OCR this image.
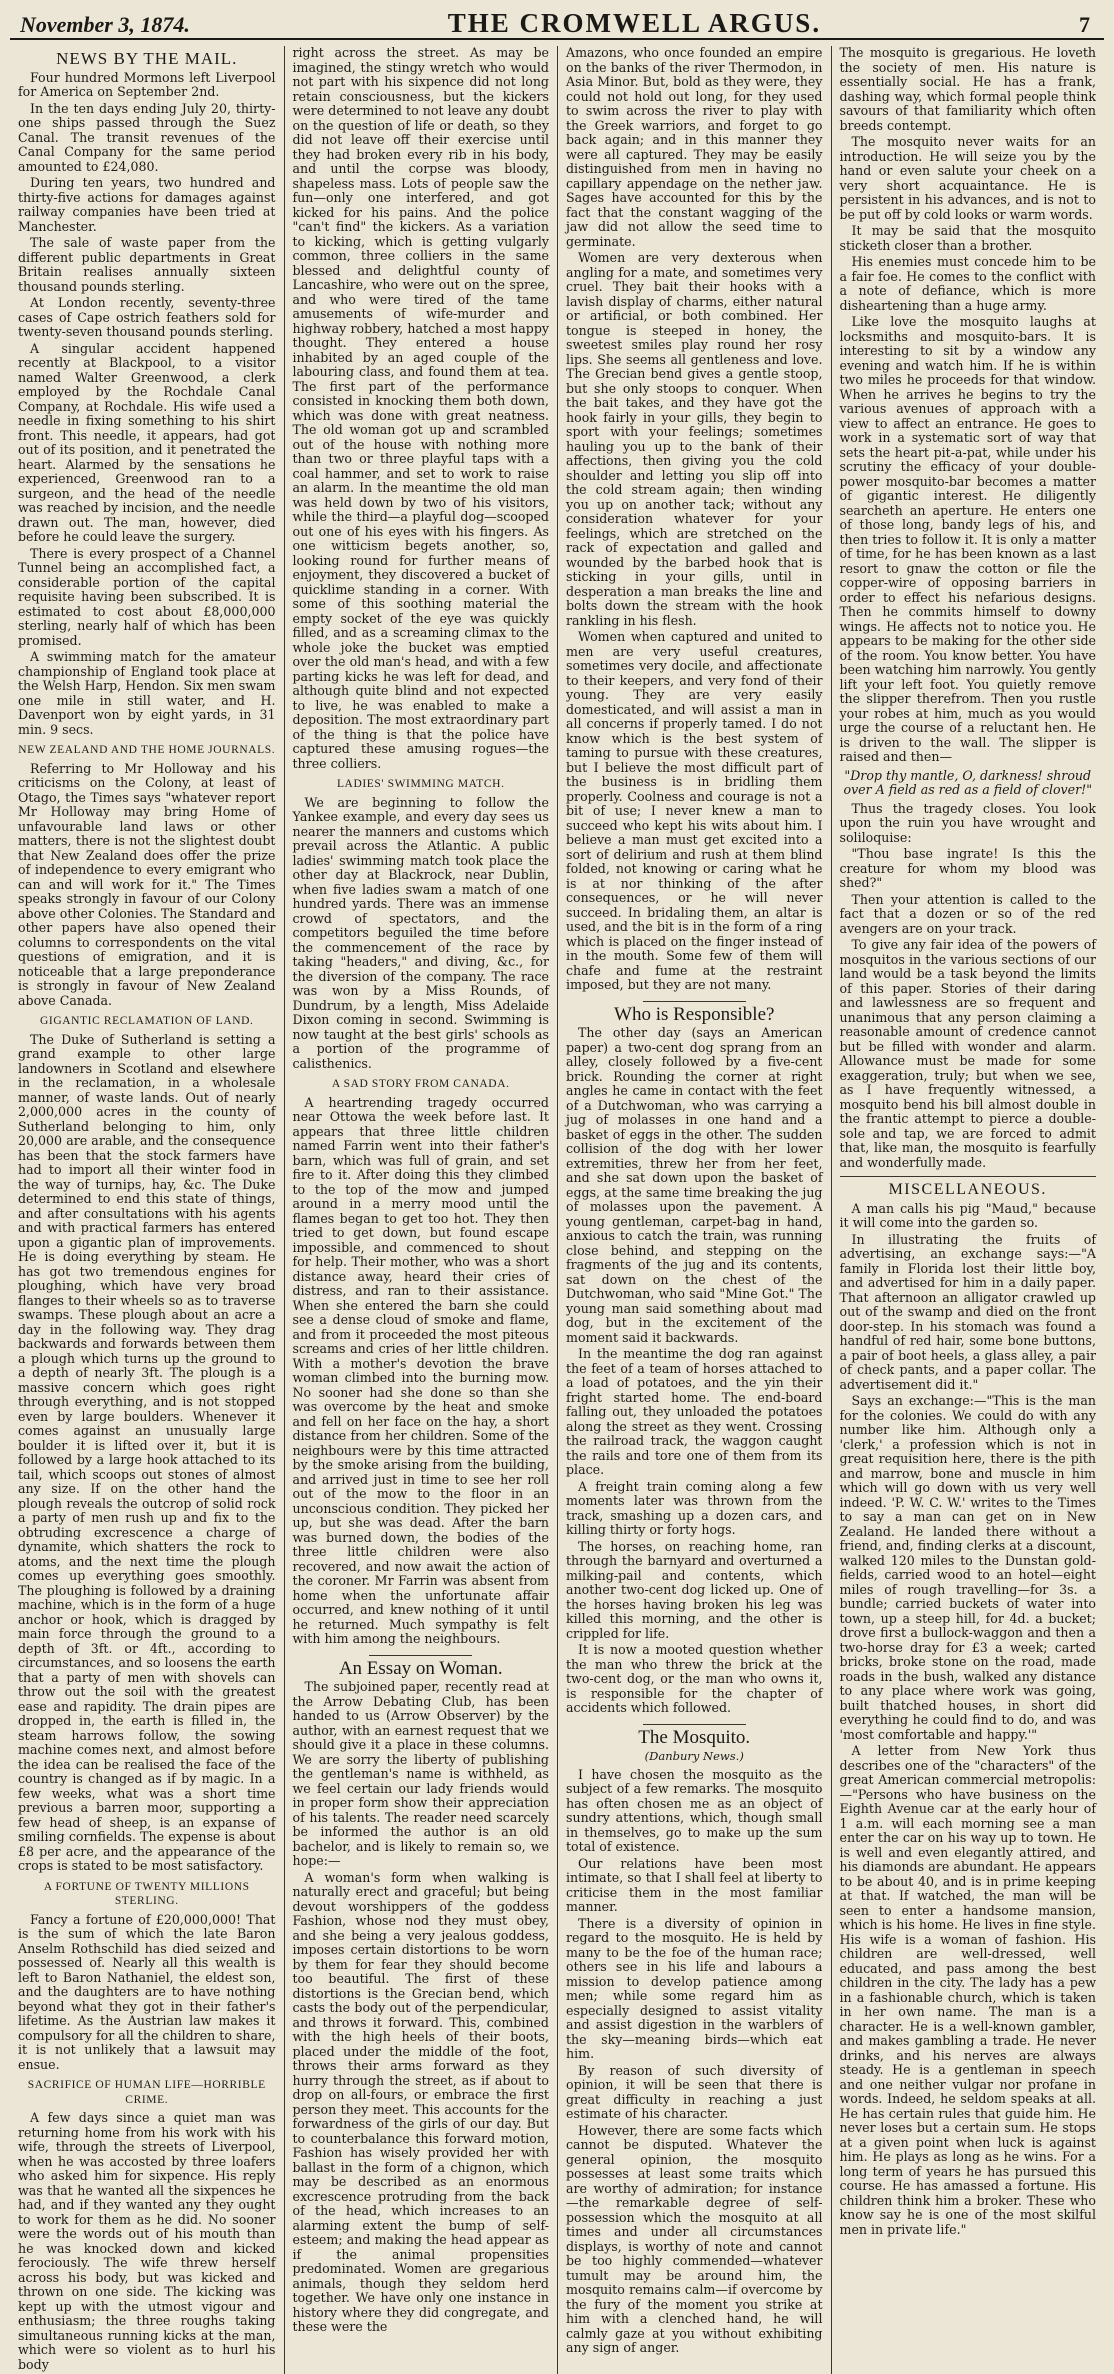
November 3, 1874.	THE CROMWELL ARGUS.	7
NEWS BY THE MAIL.

Four hundred Mormons left Liverpool for America on September 2nd.

In the ten days ending July 20, thirty-one ships passed through the Suez Canal. The transit revenues of the Canal Company for the same period amounted to £24,080.

During ten years, two hundred and thirty-five actions for damages against railway companies have been tried at Manchester.

The sale of waste paper from the different public departments in Great Britain realises annually sixteen thousand pounds sterling.

At London recently, seventy-three cases of Cape ostrich feathers sold for twenty-seven thousand pounds sterling.

A singular accident happened recently at Blackpool, to a visitor named Walter Greenwood, a clerk employed by the Rochdale Canal Company, at Rochdale. His wife used a needle in fixing something to his shirt front. This needle, it appears, had got out of its position, and it penetrated the heart. Alarmed by the sensations he experienced, Greenwood ran to a surgeon, and the head of the needle was reached by incision, and the needle drawn out. The man, however, died before he could leave the surgery.

There is every prospect of a Channel Tunnel being an accomplished fact, a considerable portion of the capital requisite having been subscribed. It is estimated to cost about £8,000,000 sterling, nearly half of which has been promised.

A swimming match for the amateur championship of England took place at the Welsh Harp, Hendon. Six men swam one mile in still water, and H. Davenport won by eight yards, in 31 min. 9 secs.

NEW ZEALAND AND THE HOME JOURNALS.

Referring to Mr Holloway and his criticisms on the Colony, at least of Otago, the Times says "whatever report Mr Holloway may bring Home of unfavourable land laws or other matters, there is not the slightest doubt that New Zealand does offer the prize of independence to every emigrant who can and will work for it." The Times speaks strongly in favour of our Colony above other Colonies. The Standard and other papers have also opened their columns to correspondents on the vital questions of emigration, and it is noticeable that a large preponderance is strongly in favour of New Zealand above Canada.

GIGANTIC RECLAMATION OF LAND.

The Duke of Sutherland is setting a grand example to other large landowners in Scotland and elsewhere in the reclamation, in a wholesale manner, of waste lands. Out of nearly 2,000,000 acres in the county of Sutherland belonging to him, only 20,000 are arable, and the consequence has been that the stock farmers have had to import all their winter food in the way of turnips, hay, &c. The Duke determined to end this state of things, and after consultations with his agents and with practical farmers has entered upon a gigantic plan of improvements. He is doing everything by steam. He has got two tremendous engines for ploughing, which have very broad flanges to their wheels so as to traverse swamps. These plough about an acre a day in the following way. They drag backwards and forwards between them a plough which turns up the ground to a depth of nearly 3ft. The plough is a massive concern which goes right through everything, and is not stopped even by large boulders. Whenever it comes against an unusually large boulder it is lifted over it, but it is followed by a large hook attached to its tail, which scoops out stones of almost any size. If on the other hand the plough reveals the outcrop of solid rock a party of men rush up and fix to the obtruding excrescence a charge of dynamite, which shatters the rock to atoms, and the next time the plough comes up everything goes smoothly. The ploughing is followed by a draining machine, which is in the form of a huge anchor or hook, which is dragged by main force through the ground to a depth of 3ft. or 4ft., according to circumstances, and so loosens the earth that a party of men with shovels can throw out the soil with the greatest ease and rapidity. The drain pipes are dropped in, the earth is filled in, the steam harrows follow, the sowing machine comes next, and almost before the idea can be realised the face of the country is changed as if by magic. In a few weeks, what was a short time previous a barren moor, supporting a few head of sheep, is an expanse of smiling cornfields. The expense is about £8 per acre, and the appearance of the crops is stated to be most satisfactory.

A FORTUNE OF TWENTY MILLIONS STERLING.

Fancy a fortune of £20,000,000! That is the sum of which the late Baron Anselm Rothschild has died seized and possessed of. Nearly all this wealth is left to Baron Nathaniel, the eldest son, and the daughters are to have nothing beyond what they got in their father's lifetime. As the Austrian law makes it compulsory for all the children to share, it is not unlikely that a lawsuit may ensue.

SACRIFICE OF HUMAN LIFE—HORRIBLE CRIME.

A few days since a quiet man was returning home from his work with his wife, through the streets of Liverpool, when he was accosted by three loafers who asked him for sixpence. His reply was that he wanted all the sixpences he had, and if they wanted any they ought to work for them as he did. No sooner were the words out of his mouth than he was knocked down and kicked ferociously. The wife threw herself across his body, but was kicked and thrown on one side. The kicking was kept up with the utmost vigour and enthusiasm; the three roughs taking simultaneous running kicks at the man, which were so violent as to hurl his body

right across the street. As may be imagined, the stingy wretch who would not part with his sixpence did not long retain consciousness, but the kickers were determined to not leave any doubt on the question of life or death, so they did not leave off their exercise until they had broken every rib in his body, and until the corpse was bloody, shapeless mass. Lots of people saw the fun—only one interfered, and got kicked for his pains. And the police "can't find" the kickers. As a variation to kicking, which is getting vulgarly common, three colliers in the same blessed and delightful county of Lancashire, who were out on the spree, and who were tired of the tame amusements of wife-murder and highway robbery, hatched a most happy thought. They entered a house inhabited by an aged couple of the labouring class, and found them at tea. The first part of the performance consisted in knocking them both down, which was done with great neatness. The old woman got up and scrambled out of the house with nothing more than two or three playful taps with a coal hammer, and set to work to raise an alarm. In the meantime the old man was held down by two of his visitors, while the third—a playful dog—scooped out one of his eyes with his fingers. As one witticism begets another, so, looking round for further means of enjoyment, they discovered a bucket of quicklime standing in a corner. With some of this soothing material the empty socket of the eye was quickly filled, and as a screaming climax to the whole joke the bucket was emptied over the old man's head, and with a few parting kicks he was left for dead, and although quite blind and not expected to live, he was enabled to make a deposition. The most extraordinary part of the thing is that the police have captured these amusing rogues—the three colliers.

LADIES' SWIMMING MATCH.

We are beginning to follow the Yankee example, and every day sees us nearer the manners and customs which prevail across the Atlantic. A public ladies' swimming match took place the other day at Blackrock, near Dublin, when five ladies swam a match of one hundred yards. There was an immense crowd of spectators, and the competitors beguiled the time before the commencement of the race by taking "headers," and diving, &c., for the diversion of the company. The race was won by a Miss Rounds, of Dundrum, by a length, Miss Adelaide Dixon coming in second. Swimming is now taught at the best girls' schools as a portion of the programme of calisthenics.

A SAD STORY FROM CANADA.

A heartrending tragedy occurred near Ottowa the week before last. It appears that three little children named Farrin went into their father's barn, which was full of grain, and set fire to it. After doing this they climbed to the top of the mow and jumped around in a merry mood until the flames began to get too hot. They then tried to get down, but found escape impossible, and commenced to shout for help. Their mother, who was a short distance away, heard their cries of distress, and ran to their assistance. When she entered the barn she could see a dense cloud of smoke and flame, and from it proceeded the most piteous screams and cries of her little children. With a mother's devotion the brave woman climbed into the burning mow. No sooner had she done so than she was overcome by the heat and smoke and fell on her face on the hay, a short distance from her children. Some of the neighbours were by this time attracted by the smoke arising from the building, and arrived just in time to see her roll out of the mow to the floor in an unconscious condition. They picked her up, but she was dead. After the barn was burned down, the bodies of the three little children were also recovered, and now await the action of the coroner. Mr Farrin was absent from home when the unfortunate affair occurred, and knew nothing of it until he returned. Much sympathy is felt with him among the neighbours.

An Essay on Woman.

The subjoined paper, recently read at the Arrow Debating Club, has been handed to us (Arrow Observer) by the author, with an earnest request that we should give it a place in these columns. We are sorry the liberty of publishing the gentleman's name is withheld, as we feel certain our lady friends would in proper form show their appreciation of his talents. The reader need scarcely be informed the author is an old bachelor, and is likely to remain so, we hope:—

A woman's form when walking is naturally erect and graceful; but being devout worshippers of the goddess Fashion, whose nod they must obey, and she being a very jealous goddess, imposes certain distortions to be worn by them for fear they should become too beautiful. The first of these distortions is the Grecian bend, which casts the body out of the perpendicular, and throws it forward. This, combined with the high heels of their boots, placed under the middle of the foot, throws their arms forward as they hurry through the street, as if about to drop on all-fours, or embrace the first person they meet. This accounts for the forwardness of the girls of our day. But to counterbalance this forward motion, Fashion has wisely provided her with ballast in the form of a chignon, which may be described as an enormous excrescence protruding from the back of the head, which increases to an alarming extent the bump of self-esteem; and making the head appear as if the animal propensities predominated. Women are gregarious animals, though they seldom herd together. We have only one instance in history where they did congregate, and these were the

Amazons, who once founded an empire on the banks of the river Thermodon, in Asia Minor. But, bold as they were, they could not hold out long, for they used to swim across the river to play with the Greek warriors, and forget to go back again; and in this manner they were all captured. They may be easily distinguished from men in having no capillary appendage on the nether jaw. Sages have accounted for this by the fact that the constant wagging of the jaw did not allow the seed time to germinate.

Women are very dexterous when angling for a mate, and sometimes very cruel. They bait their hooks with a lavish display of charms, either natural or artificial, or both combined. Her tongue is steeped in honey, the sweetest smiles play round her rosy lips. She seems all gentleness and love. The Grecian bend gives a gentle stoop, but she only stoops to conquer. When the bait takes, and they have got the hook fairly in your gills, they begin to sport with your feelings; sometimes hauling you up to the bank of their affections, then giving you the cold shoulder and letting you slip off into the cold stream again; then winding you up on another tack; without any consideration whatever for your feelings, which are stretched on the rack of expectation and galled and wounded by the barbed hook that is sticking in your gills, until in desperation a man breaks the line and bolts down the stream with the hook rankling in his flesh.

Women when captured and united to men are very useful creatures, sometimes very docile, and affectionate to their keepers, and very fond of their young. They are very easily domesticated, and will assist a man in all concerns if properly tamed. I do not know which is the best system of taming to pursue with these creatures, but I believe the most difficult part of the business is in bridling them properly. Coolness and courage is not a bit of use; I never knew a man to succeed who kept his wits about him. I believe a man must get excited into a sort of delirium and rush at them blind folded, not knowing or caring what he is at nor thinking of the after consequences, or he will never succeed. In bridaling them, an altar is used, and the bit is in the form of a ring which is placed on the finger instead of in the mouth. Some few of them will chafe and fume at the restraint imposed, but they are not many.

Who is Responsible?

The other day (says an American paper) a two-cent dog sprang from an alley, closely followed by a five-cent brick. Rounding the corner at right angles he came in contact with the feet of a Dutchwoman, who was carrying a jug of molasses in one hand and a basket of eggs in the other. The sudden collision of the dog with her lower extremities, threw her from her feet, and she sat down upon the basket of eggs, at the same time breaking the jug of molasses upon the pavement. A young gentleman, carpet-bag in hand, anxious to catch the train, was running close behind, and stepping on the fragments of the jug and its contents, sat down on the chest of the Dutchwoman, who said "Mine Got." The young man said something about mad dog, but in the excitement of the moment said it backwards.

In the meantime the dog ran against the feet of a team of horses attached to a load of potatoes, and the yin their fright started home. The end-board falling out, they unloaded the potatoes along the street as they went. Crossing the railroad track, the waggon caught the rails and tore one of them from its place.

A freight train coming along a few moments later was thrown from the track, smashing up a dozen cars, and killing thirty or forty hogs.

The horses, on reaching home, ran through the barnyard and overturned a milking-pail and contents, which another two-cent dog licked up. One of the horses having broken his leg was killed this morning, and the other is crippled for life.

It is now a mooted question whether the man who threw the brick at the two-cent dog, or the man who owns it, is responsible for the chapter of accidents which followed.

The Mosquito.
(Danbury News.)

I have chosen the mosquito as the subject of a few remarks. The mosquito has often chosen me as an object of sundry attentions, which, though small in themselves, go to make up the sum total of existence.

Our relations have been most intimate, so that I shall feel at liberty to criticise them in the most familiar manner.

There is a diversity of opinion in regard to the mosquito. He is held by many to be the foe of the human race; others see in his life and labours a mission to develop patience among men; while some regard him as especially designed to assist vitality and assist digestion in the warblers of the sky—meaning birds—which eat him.

By reason of such diversity of opinion, it will be seen that there is great difficulty in reaching a just estimate of his character.

However, there are some facts which cannot be disputed. Whatever the general opinion, the mosquito possesses at least some traits which are worthy of admiration; for instance—the remarkable degree of self-possession which the mosquito at all times and under all circumstances displays, is worthy of note and cannot be too highly commended—whatever tumult may be around him, the mosquito remains calm—if overcome by the fury of the moment you strike at him with a clenched hand, he will calmly gaze at you without exhibiting any sign of anger.

The mosquito is gregarious. He loveth the society of men. His nature is essentially social. He has a frank, dashing way, which formal people think savours of that familiarity which often breeds contempt.

The mosquito never waits for an introduction. He will seize you by the hand or even salute your cheek on a very short acquaintance. He is persistent in his advances, and is not to be put off by cold looks or warm words.

It may be said that the mosquito sticketh closer than a brother.

His enemies must concede him to be a fair foe. He comes to the conflict with a note of defiance, which is more disheartening than a huge army.

Like love the mosquito laughs at locksmiths and mosquito-bars. It is interesting to sit by a window any evening and watch him. If he is within two miles he proceeds for that window. When he arrives he begins to try the various avenues of approach with a view to affect an entrance. He goes to work in a systematic sort of way that sets the heart pit-a-pat, while under his scrutiny the efficacy of your double-power mosquito-bar becomes a matter of gigantic interest. He diligently searcheth an aperture. He enters one of those long, bandy legs of his, and then tries to follow it. It is only a matter of time, for he has been known as a last resort to gnaw the cotton or file the copper-wire of opposing barriers in order to effect his nefarious designs. Then he commits himself to downy wings. He affects not to notice you. He appears to be making for the other side of the room. You know better. You have been watching him narrowly. You gently lift your left foot. You quietly remove the slipper therefrom. Then you rustle your robes at him, much as you would urge the course of a reluctant hen. He is driven to the wall. The slipper is raised and then—

"Drop thy mantle, O, darkness! shroud over A field as red as a field of clover!"

Thus the tragedy closes. You look upon the ruin you have wrought and soliloquise:

"Thou base ingrate! Is this the creature for whom my blood was shed?"

Then your attention is called to the fact that a dozen or so of the red avengers are on your track.

To give any fair idea of the powers of mosquitos in the various sections of our land would be a task beyond the limits of this paper. Stories of their daring and lawlessness are so frequent and unanimous that any person claiming a reasonable amount of credence cannot but be filled with wonder and alarm. Allowance must be made for some exaggeration, truly; but when we see, as I have frequently witnessed, a mosquito bend his bill almost double in the frantic attempt to pierce a double-sole and tap, we are forced to admit that, like man, the mosquito is fearfully and wonderfully made.

MISCELLANEOUS.

A man calls his pig "Maud," because it will come into the garden so.

In illustrating the fruits of advertising, an exchange says:—"A family in Florida lost their little boy, and advertised for him in a daily paper. That afternoon an alligator crawled up out of the swamp and died on the front door-step. In his stomach was found a handful of red hair, some bone buttons, a pair of boot heels, a glass alley, a pair of check pants, and a paper collar. The advertisement did it."

Says an exchange:—"This is the man for the colonies. We could do with any number like him. Although only a 'clerk,' a profession which is not in great requisition here, there is the pith and marrow, bone and muscle in him which will go down with us very well indeed. 'P. W. C. W.' writes to the Times to say a man can get on in New Zealand. He landed there without a friend, and, finding clerks at a discount, walked 120 miles to the Dunstan gold-fields, carried wood to an hotel—eight miles of rough travelling—for 3s. a bundle; carried buckets of water into town, up a steep hill, for 4d. a bucket; drove first a bullock-waggon and then a two-horse dray for £3 a week; carted bricks, broke stone on the road, made roads in the bush, walked any distance to any place where work was going, built thatched houses, in short did everything he could find to do, and was 'most comfortable and happy.'"

A letter from New York thus describes one of the "characters" of the great American commercial metropolis:—"Persons who have business on the Eighth Avenue car at the early hour of 1 a.m. will each morning see a man enter the car on his way up to town. He is well and even elegantly attired, and his diamonds are abundant. He appears to be about 40, and is in prime keeping at that. If watched, the man will be seen to enter a handsome mansion, which is his home. He lives in fine style. His wife is a woman of fashion. His children are well-dressed, well educated, and pass among the best children in the city. The lady has a pew in a fashionable church, which is taken in her own name. The man is a character. He is a well-known gambler, and makes gambling a trade. He never drinks, and his nerves are always steady. He is a gentleman in speech and one neither vulgar nor profane in words. Indeed, he seldom speaks at all. He has certain rules that guide him. He never loses but a certain sum. He stops at a given point when luck is against him. He plays as long as he wins. For a long term of years he has pursued this course. He has amassed a fortune. His children think him a broker. These who know say he is one of the most skilful men in private life."
